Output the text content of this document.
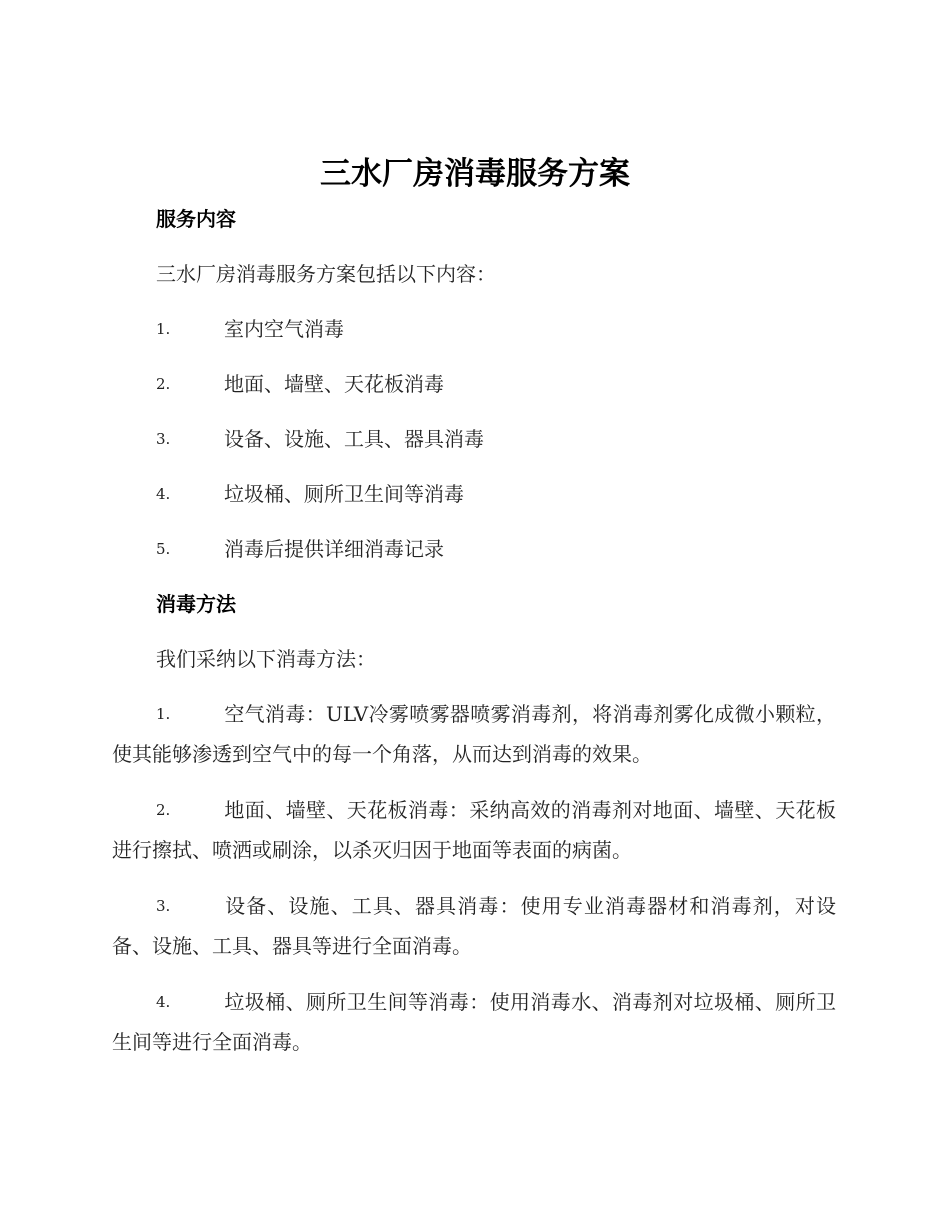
三水厂房消毒服务方案
服务内容
三水厂房消毒服务方案包括以下内容：
1.	室内空气消毒
2.	地面、墙壁、天花板消毒
3.	设备、设施、工具、器具消毒
4.	垃圾桶、厕所卫生间等消毒
5.	消毒后提供详细消毒记录
消毒方法
我们采纳以下消毒方法：
1.	空气消毒：ULV冷雾喷雾器喷雾消毒剂，将消毒剂雾化成微小颗粒，使其能够渗透到空气中的每一个角落，从而达到消毒的效果。
2.	地面、墙壁、天花板消毒：采纳高效的消毒剂对地面、墙壁、天花板进行擦拭、喷洒或刷涂，以杀灭归因于地面等表面的病菌。
3.	设备、设施、工具、器具消毒：使用专业消毒器材和消毒剂，对设备、设施、工具、器具等进行全面消毒。
4.	垃圾桶、厕所卫生间等消毒：使用消毒水、消毒剂对垃圾桶、厕所卫生间等进行全面消毒。
